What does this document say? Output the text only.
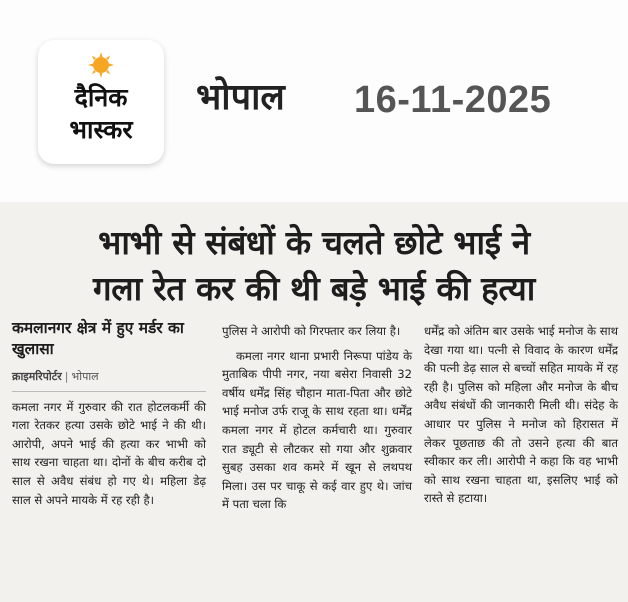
दैनिक
भास्कर
भोपाल 16-11-2025
भाभी से संबंधों के चलते छोटे भाई ने
गला रेत कर की थी बड़े भाई की हत्या
कमलानगर क्षेत्र में हुए मर्डर का खुलासा
क्राइमरिपोर्टर | भोपाल

कमला नगर में गुरुवार की रात होटलकर्मी की गला रेतकर हत्या उसके छोटे भाई ने की थी। आरोपी, अपने भाई की हत्या कर भाभी को साथ रखना चाहता था। दोनों के बीच करीब दो साल से अवैध संबंध हो गए थे। महिला डेढ़ साल से अपने मायके में रह रही है।

पुलिस ने आरोपी को गिरफ्तार कर लिया है।

कमला नगर थाना प्रभारी निरूपा पांडेय के मुताबिक पीपी नगर, नया बसेरा निवासी 32 वर्षीय धर्मेंद्र सिंह चौहान माता-पिता और छोटे भाई मनोज उर्फ राजू के साथ रहता था। धर्मेंद्र कमला नगर में होटल कर्मचारी था। गुरुवार रात ड्यूटी से लौटकर सो गया और शुक्रवार सुबह उसका शव कमरे में खून से लथपथ मिला। उस पर चाकू से कई वार हुए थे। जांच में पता चला कि

धर्मेंद्र को अंतिम बार उसके भाई मनोज के साथ देखा गया था। पत्नी से विवाद के कारण धर्मेंद्र की पत्नी डेढ़ साल से बच्चों सहित मायके में रह रही है। पुलिस को महिला और मनोज के बीच अवैध संबंधों की जानकारी मिली थी। संदेह के आधार पर पुलिस ने मनोज को हिरासत में लेकर पूछताछ की तो उसने हत्या की बात स्वीकार कर ली। आरोपी ने कहा कि वह भाभी को साथ रखना चाहता था, इसलिए भाई को रास्ते से हटाया।
